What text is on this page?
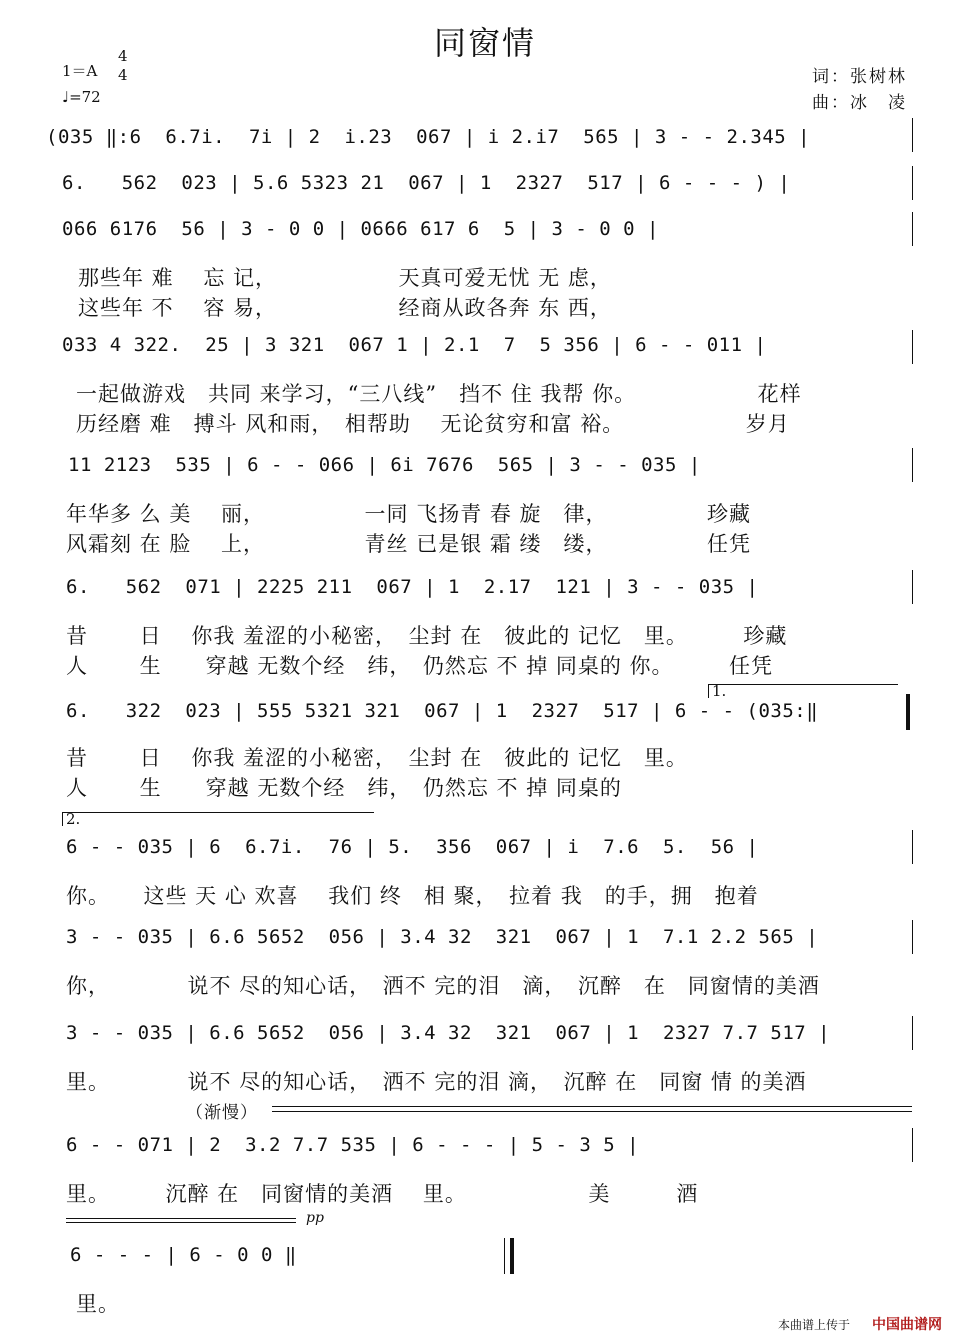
同窗情
1＝A
4
4
♩=72
词：张树林
曲：冰　凌
(035 ‖:6  6.7i.  7i | 2  i.23  067 | i 2.i7  565 | 3 - - 2.345 |
6.   562  023 | 5.6 5323 21  067 | 1  2327  517 | 6 - - - ) |
066 6176  56 | 3 - 0 0 | 0666 617 6  5 | 3 - 0 0 |
那些年 难　 忘 记，　　　　　　天真可爱无忧 无 虑，
这些年 不　 容 易，　　　　　　经商从政各奔 东 西，
033 4 322.  25 | 3 321  067 1 | 2.1  7  5 356 | 6 - - 011 |
一起做游戏　共同 来学习，“三八线”　挡不 住 我帮 你。　　　　　　花样
历经磨 难　搏斗 风和雨，　相帮助　 无论贫穷和富 裕。　　　　　　岁月
11 2123  535 | 6 - - 066 | 6i 7676  565 | 3 - - 035 |
年华多 么 美　 丽，　　　　　一同 飞扬青 春 旋　律，　　　　　珍藏
风霜刻 在 脸　 上，　　　　　青丝 已是银 霜 缕　缕，　　　　　任凭
6.   562  071 | 2225 211  067 | 1  2.17  121 | 3 - - 035 |
昔　　 日　 你我 羞涩的小秘密，　尘封 在　彼此的 记忆　里。　　　珍藏
人　　 生　　穿越 无数个经　纬，　仍然忘 不 掉 同桌的 你。　　　任凭
6.   322  023 | 555 5321 321  067 | 1  2327  517 | 6 - - (035:‖
昔　　 日　 你我 羞涩的小秘密，　尘封 在　彼此的 记忆　里。
人　　 生　　穿越 无数个经　纬，　仍然忘 不 掉 同桌的
6 - - 035 | 6  6.7i.  76 | 5.  356  067 | i  7.6  5.  56 |
你。　　这些 天 心 欢喜　 我们 终　相 聚，　拉着 我　的手，拥　抱着
3 - - 035 | 6.6 5652  056 | 3.4 32  321  067 | 1  7.1 2.2 565 |
你，　　　　说不 尽的知心话，　洒不 完的泪　滴，　沉醉　在　同窗情的美酒
3 - - 035 | 6.6 5652  056 | 3.4 32  321  067 | 1  2327 7.7 517 |
里。　　　　说不 尽的知心话，　洒不 完的泪 滴，　沉醉 在　同窗 情 的美酒
（渐慢）
6 - - 071 | 2  3.2 7.7 535 | 6 - - - | 5 - 3 5 |
里。　　　沉醉 在　同窗情的美酒　 里。　　　　　　美　　　酒
pp
6 - - - | 6 - 0 0 ‖
里。
1.
2.
本曲谱上传于 中国曲谱网
